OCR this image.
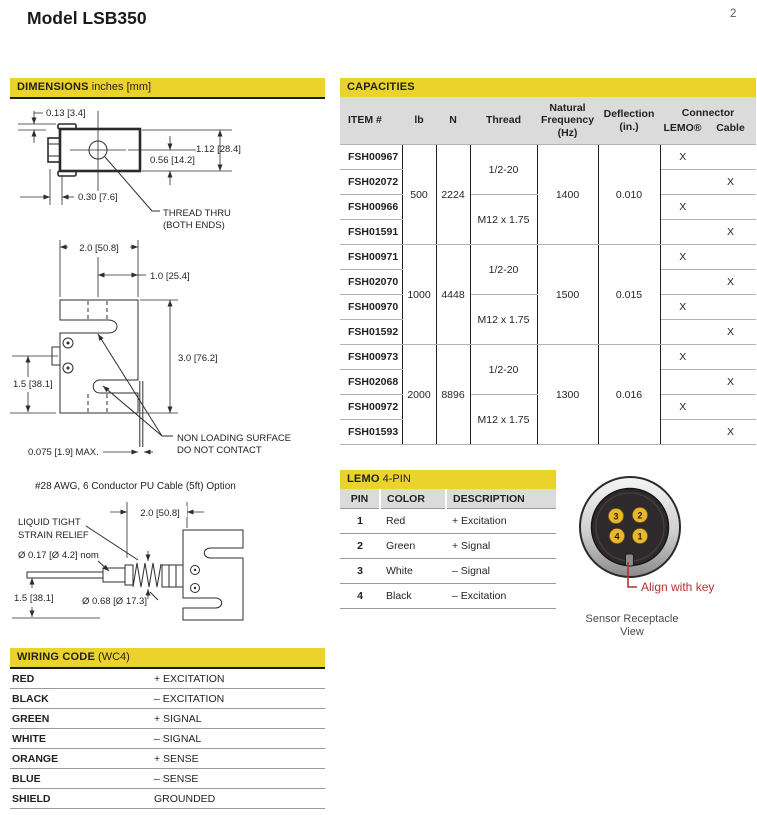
Model LSB350	2
DIMENSIONS inches [mm]
0.13 [3.4]
1.12 [28.4]
0.56 [14.2]
0.30 [7.6]
THREAD THRU
(BOTH ENDS)
2.0 [50.8]
1.0 [25.4]
3.0 [76.2]
1.5 [38.1]
0.075 [1.9] MAX.
NON LOADING SURFACE
DO NOT CONTACT
#28 AWG, 6 Conductor PU Cable (5ft) Option
2.0 [50.8]
LIQUID TIGHT
STRAIN RELIEF
Ø 0.17 [Ø 4.2] nom
1.5 [38.1]	Ø 0.68 [Ø 17.3]
WIRING CODE (WC4)
RED	+ EXCITATION
BLACK	– EXCITATION
GREEN	+ SIGNAL
WHITE	– SIGNAL
ORANGE	+ SENSE
BLUE	– SENSE
SHIELD	GROUNDED
CAPACITIES
ITEM #	lb	N	Thread	Natural Frequency (Hz)	Deflection (in.)	Connector
LEMO® Cable	

FSH00967	500	2224	1/2-20	1400	0.010	X	
FSH02072							X
FSH00966			M12 x 1.75			X	
FSH01591							X
FSH00971	1000	4448	1/2-20	1500	0.015	X	
FSH02070							X
FSH00970			M12 x 1.75			X	
FSH01592							X
FSH00973	2000	8896	1/2-20	1300	0.016	X	
FSH02068							X
FSH00972			M12 x 1.75			X	
FSH01593							X
LEMO 4-PIN
PIN	COLOR	DESCRIPTION
1	Red	+ Excitation
2	Green	+ Signal
3	White	– Signal
4	Black	– Excitation
3 2
4 1
Align with key
Sensor Receptacle
View
